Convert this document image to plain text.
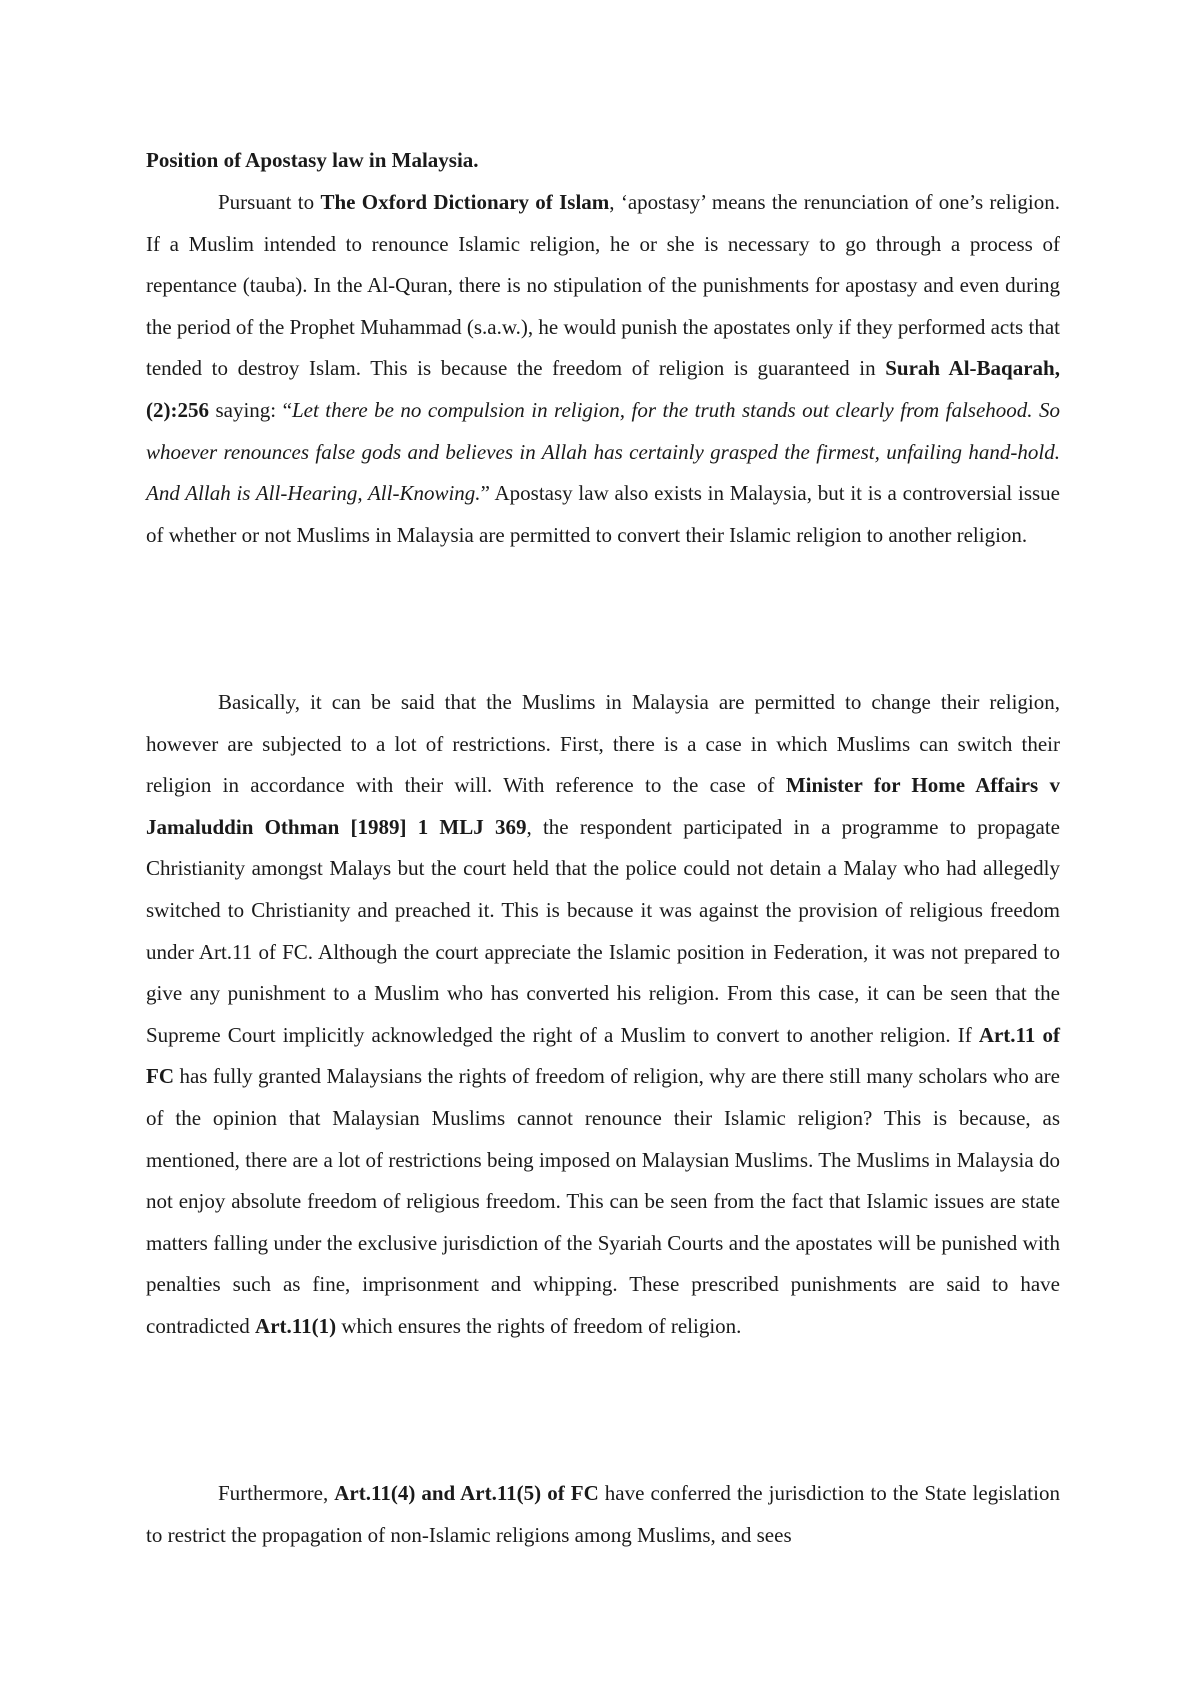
Position of Apostasy law in Malaysia.

Pursuant to The Oxford Dictionary of Islam, ‘apostasy’ means the renunciation of one’s religion. If a Muslim intended to renounce Islamic religion, he or she is necessary to go through a process of repentance (tauba). In the Al-Quran, there is no stipulation of the punishments for apostasy and even during the period of the Prophet Muhammad (s.a.w.), he would punish the apostates only if they performed acts that tended to destroy Islam. This is because the freedom of religion is guaranteed in Surah Al-Baqarah, (2):256 saying: “Let there be no compulsion in religion, for the truth stands out clearly from falsehood. So whoever renounces false gods and believes in Allah has certainly grasped the firmest, unfailing hand-hold. And Allah is All-Hearing, All-Knowing.” Apostasy law also exists in Malaysia, but it is a controversial issue of whether or not Muslims in Malaysia are permitted to convert their Islamic religion to another religion.

Basically, it can be said that the Muslims in Malaysia are permitted to change their religion, however are subjected to a lot of restrictions. First, there is a case in which Muslims can switch their religion in accordance with their will. With reference to the case of Minister for Home Affairs v Jamaluddin Othman [1989] 1 MLJ 369, the respondent participated in a programme to propagate Christianity amongst Malays but the court held that the police could not detain a Malay who had allegedly switched to Christianity and preached it. This is because it was against the provision of religious freedom under Art.11 of FC. Although the court appreciate the Islamic position in Federation, it was not prepared to give any punishment to a Muslim who has converted his religion. From this case, it can be seen that the Supreme Court implicitly acknowledged the right of a Muslim to convert to another religion. If Art.11 of FC has fully granted Malaysians the rights of freedom of religion, why are there still many scholars who are of the opinion that Malaysian Muslims cannot renounce their Islamic religion? This is because, as mentioned, there are a lot of restrictions being imposed on Malaysian Muslims. The Muslims in Malaysia do not enjoy absolute freedom of religious freedom. This can be seen from the fact that Islamic issues are state matters falling under the exclusive jurisdiction of the Syariah Courts and the apostates will be punished with penalties such as fine, imprisonment and whipping. These prescribed punishments are said to have contradicted Art.11(1) which ensures the rights of freedom of religion.

Furthermore, Art.11(4) and Art.11(5) of FC have conferred the jurisdiction to the State legislation to restrict the propagation of non-Islamic religions among Muslims, and sees
